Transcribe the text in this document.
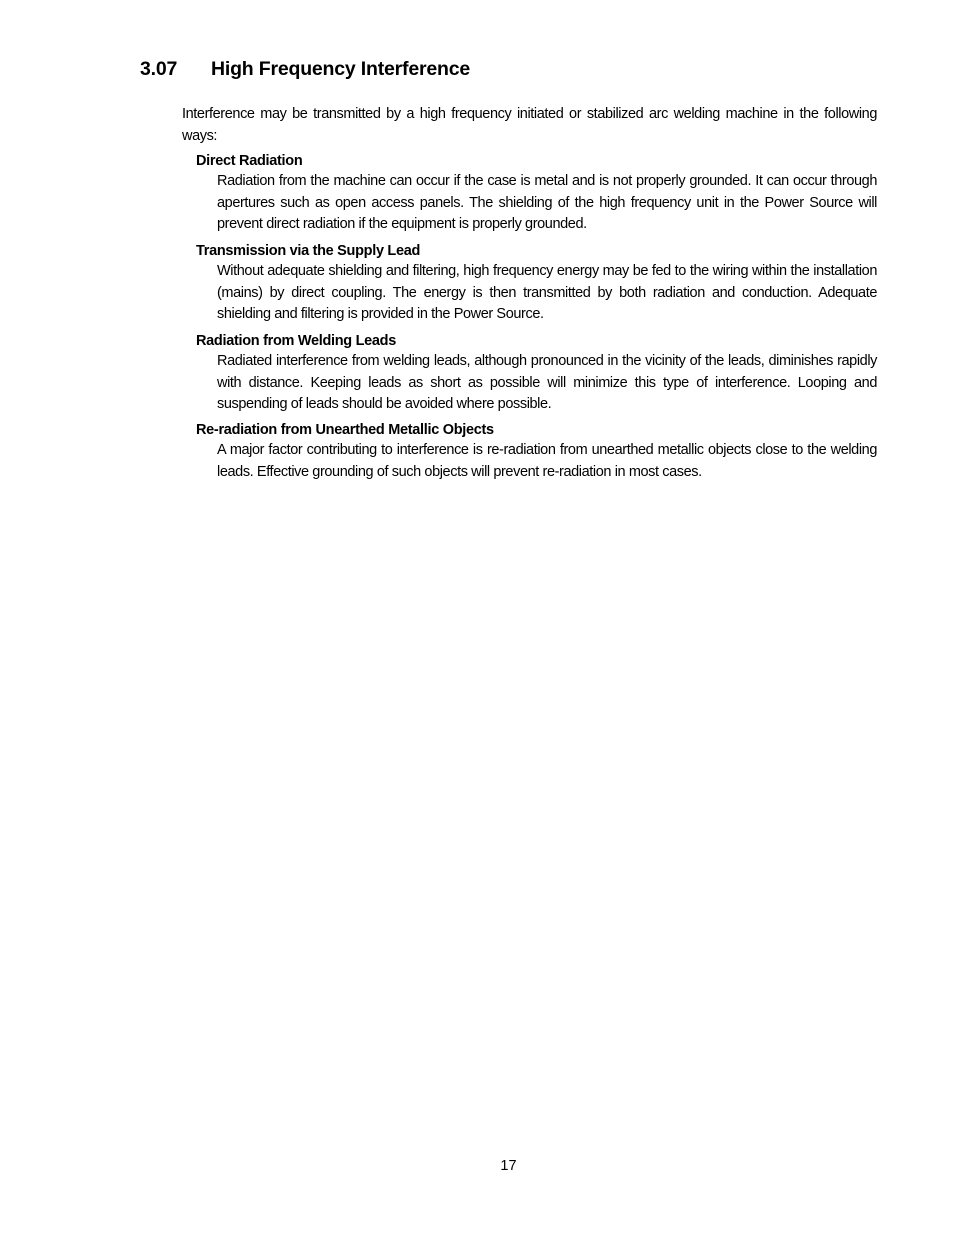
3.07 High Frequency Interference

Interference may be transmitted by a high frequency initiated or stabilized arc welding machine in the following ways:

Direct Radiation

Radiation from the machine can occur if the case is metal and is not properly grounded. It can occur through apertures such as open access panels. The shielding of the high frequency unit in the Power Source will prevent direct radiation if the equipment is properly grounded.

Transmission via the Supply Lead

Without adequate shielding and filtering, high frequency energy may be fed to the wiring within the installation (mains) by direct coupling. The energy is then transmitted by both radiation and conduction. Adequate shielding and filtering is provided in the Power Source.

Radiation from Welding Leads

Radiated interference from welding leads, although pronounced in the vicinity of the leads, diminishes rapidly with distance. Keeping leads as short as possible will minimize this type of interference. Looping and suspending of leads should be avoided where possible.

Re-radiation from Unearthed Metallic Objects

A major factor contributing to interference is re-radiation from unearthed metallic objects close to the welding leads. Effective grounding of such objects will prevent re-radiation in most cases.

17
